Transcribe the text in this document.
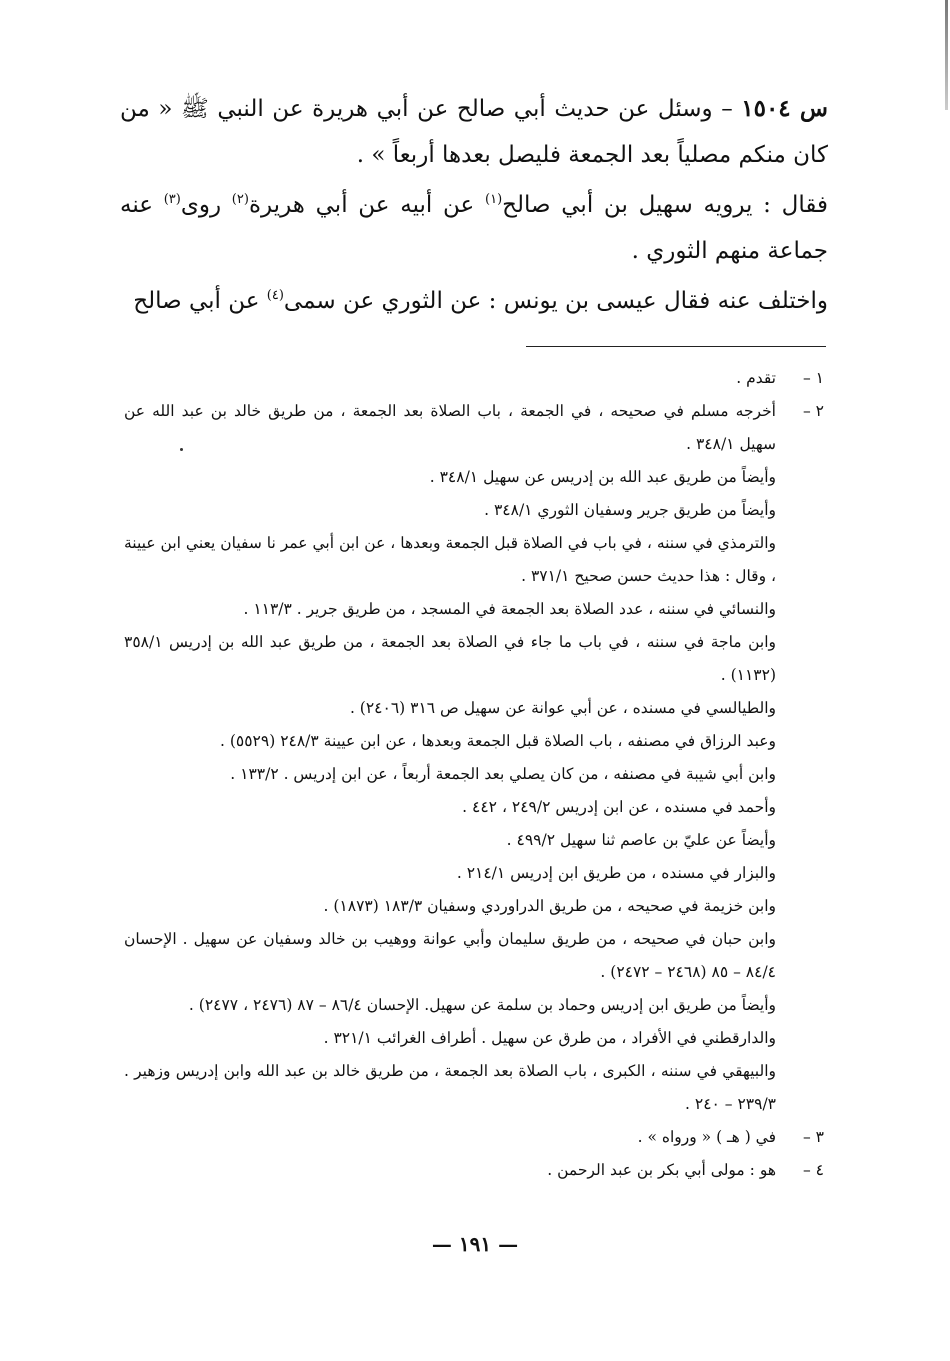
س ١٥٠٤ – وسئل عن حديث أبي صالح عن أبي هريرة عن النبي ﷺ « من كان منكم مصلياً بعد الجمعة فليصل بعدها أربعاً » .

فقال : يرويه سهيل بن أبي صالح$^{(١)}$ عن أبيه عن أبي هريرة$^{(٢)}$ روى$^{(٣)}$ عنه جماعة منهم الثوري .

واختلف عنه فقال عيسى بن يونس : عن الثوري عن سمى$^{(٤)}$ عن أبي صالح

١ –
تقدم .
٢ –
أخرجه مسلم في صحيحه ، في الجمعة ، باب الصلاة بعد الجمعة ، من طريق خالد بن عبد الله عن سهيل ٣٤٨/١ .
وأيضاً من طريق عبد الله بن إدريس عن سهيل ٣٤٨/١ .
وأيضاً من طريق جرير وسفيان الثوري ٣٤٨/١ .
والترمذي في سننه ، في باب في الصلاة قبل الجمعة وبعدها ، عن ابن أبي عمر نا سفيان يعني ابن عيينة ، وقال : هذا حديث حسن صحيح ٣٧١/١ .
والنسائي في سننه ، عدد الصلاة بعد الجمعة في المسجد ، من طريق جرير . ١١٣/٣ .
وابن ماجة في سننه ، في باب ما جاء في الصلاة بعد الجمعة ، من طريق عبد الله بن إدريس ٣٥٨/١ (١١٣٢) .
والطيالسي في مسنده ، عن أبي عوانة عن سهيل ص ٣١٦ (٢٤٠٦) .
وعبد الرزاق في مصنفه ، باب الصلاة قبل الجمعة وبعدها ، عن ابن عيينة ٢٤٨/٣ (٥٥٢٩) .
وابن أبي شيبة في مصنفه ، من كان يصلي بعد الجمعة أربعاً ، عن ابن إدريس . ١٣٣/٢ .
وأحمد في مسنده ، عن ابن إدريس ٢٤٩/٢ ، ٤٤٢ .
وأيضاً عن عليّ بن عاصم ثنا سهيل ٤٩٩/٢ .
والبزار في مسنده ، من طريق ابن إدريس ٢١٤/١ .
وابن خزيمة في صحيحه ، من طريق الدراوردي وسفيان ١٨٣/٣ (١٨٧٣) .
وابن حبان في صحيحه ، من طريق سليمان وأبي عوانة ووهيب بن خالد وسفيان عن سهيل . الإحسان ٨٤/٤ – ٨٥ (٢٤٦٨ – ٢٤٧٢) .
وأيضاً من طريق ابن إدريس وحماد بن سلمة عن سهيل. الإحسان ٨٦/٤ – ٨٧ (٢٤٧٦ ، ٢٤٧٧) .
والدارقطني في الأفراد ، من طرق عن سهيل . أطراف الغرائب ٣٢١/١ .
والبيهقي في سننه ، الكبرى ، باب الصلاة بعد الجمعة ، من طريق خالد بن عبد الله وابن إدريس وزهير . ٢٣٩/٣ – ٢٤٠ .
٣ –
في ( هـ ) « ورواه » .
٤ –
هو : مولى أبي بكر بن عبد الرحمن .
— ١٩١ —
